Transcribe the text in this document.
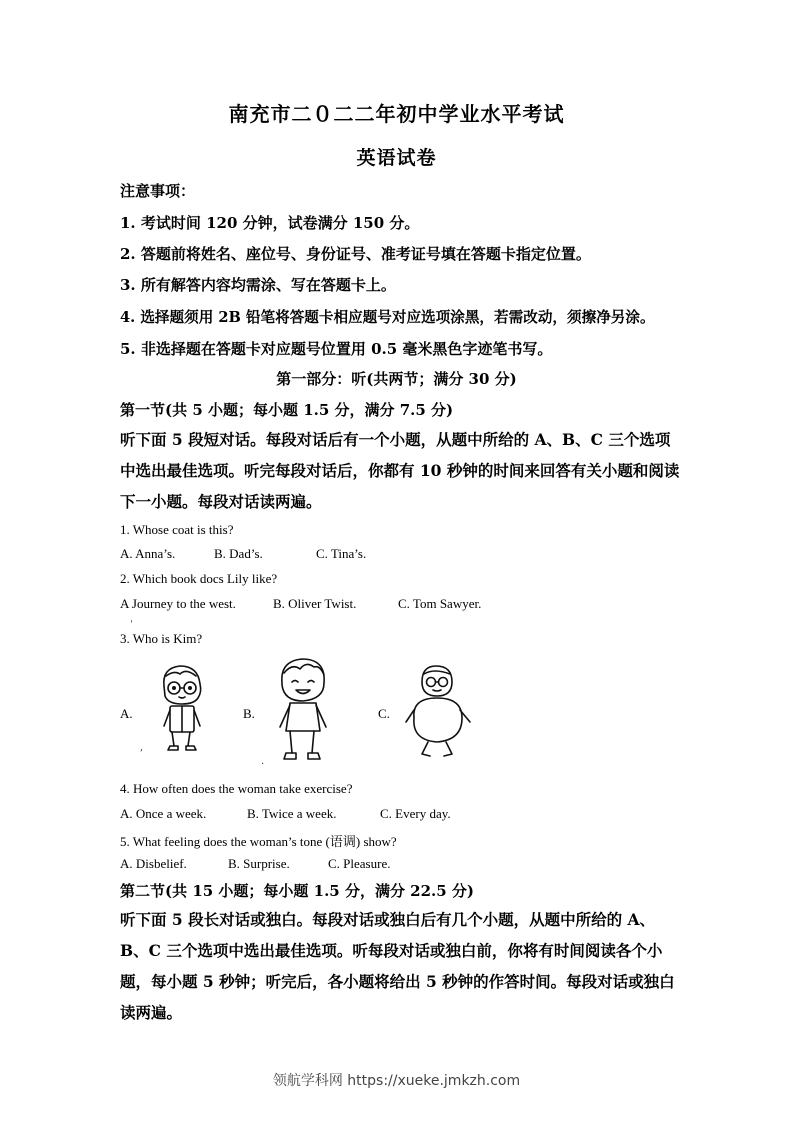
南充市二０二二年初中学业水平考试
英语试卷
注意事项：
1. 考试时间 120 分钟，试卷满分 150 分。
2. 答题前将姓名、座位号、身份证号、准考证号填在答题卡指定位置。
3. 所有解答内容均需涂、写在答题卡上。
4. 选择题须用 2B 铅笔将答题卡相应题号对应选项涂黑，若需改动，须擦净另涂。
5. 非选择题在答题卡对应题号位置用 0.5 毫米黑色字迹笔书写。
第一部分：听(共两节；满分 30 分)
第一节(共 5 小题；每小题 1.5 分，满分 7.5 分)
听下面 5 段短对话。每段对话后有一个小题，从题中所给的 A、B、C 三个选项中选出最佳选项。听完每段对话后，你都有 10 秒钟的时间来回答有关小题和阅读下一小题。每段对话读两遍。
1. Whose coat is this?
A. Anna’s.	B. Dad’s.	C. Tina’s.
2. Which book docs Lily like?
A Journey to the west.	B. Oliver Twist.	C. Tom Sawyer.
ˌ
3. Who is Kim?
A.	B.	C.
,
.
4. How often does the woman take exercise?
A. Once a week.	B. Twice a week.	C. Every day.
5. What feeling does the woman’s tone (语调) show?
A. Disbelief.	B. Surprise.	C. Pleasure.
第二节(共 15 小题；每小题 1.5 分，满分 22.5 分)
听下面 5 段长对话或独白。每段对话或独白后有几个小题，从题中所给的 A、B、C 三个选项中选出最佳选项。听每段对话或独白前，你将有时间阅读各个小题，每小题 5 秒钟；听完后，各小题将给出 5 秒钟的作答时间。每段对话或独白读两遍。
领航学科网 https://xueke.jmkzh.com
